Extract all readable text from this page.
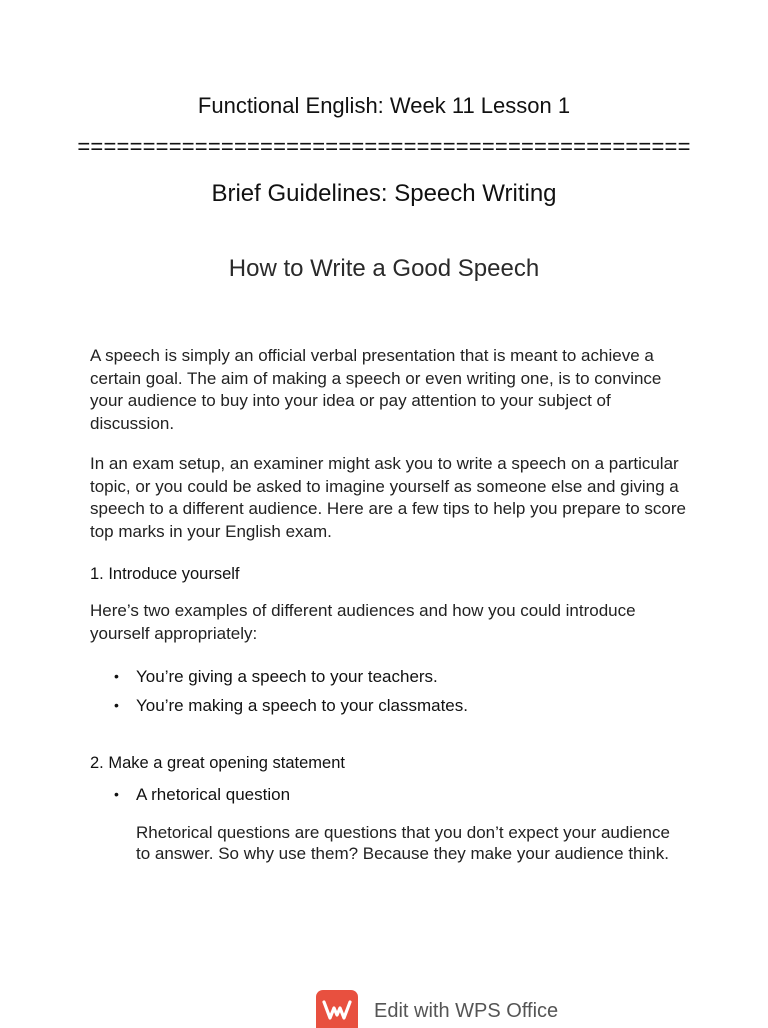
Functional English: Week 11 Lesson 1
===============================================
Brief Guidelines: Speech Writing
How to Write a Good Speech
A speech is simply an official verbal presentation that is meant to achieve a certain goal. The aim of making a speech or even writing one, is to convince your audience to buy into your idea or pay attention to your subject of discussion.
In an exam setup, an examiner might ask you to write a speech on a particular topic, or you could be asked to imagine yourself as someone else and giving a speech to a different audience. Here are a few tips to help you prepare to score top marks in your English exam.
1. Introduce yourself
Here’s two examples of different audiences and how you could introduce yourself appropriately:
• You’re giving a speech to your teachers.
• You’re making a speech to your classmates.
2. Make a great opening statement
• A rhetorical question
Rhetorical questions are questions that you don’t expect your audience to answer. So why use them? Because they make your audience think.
Edit with WPS Office
